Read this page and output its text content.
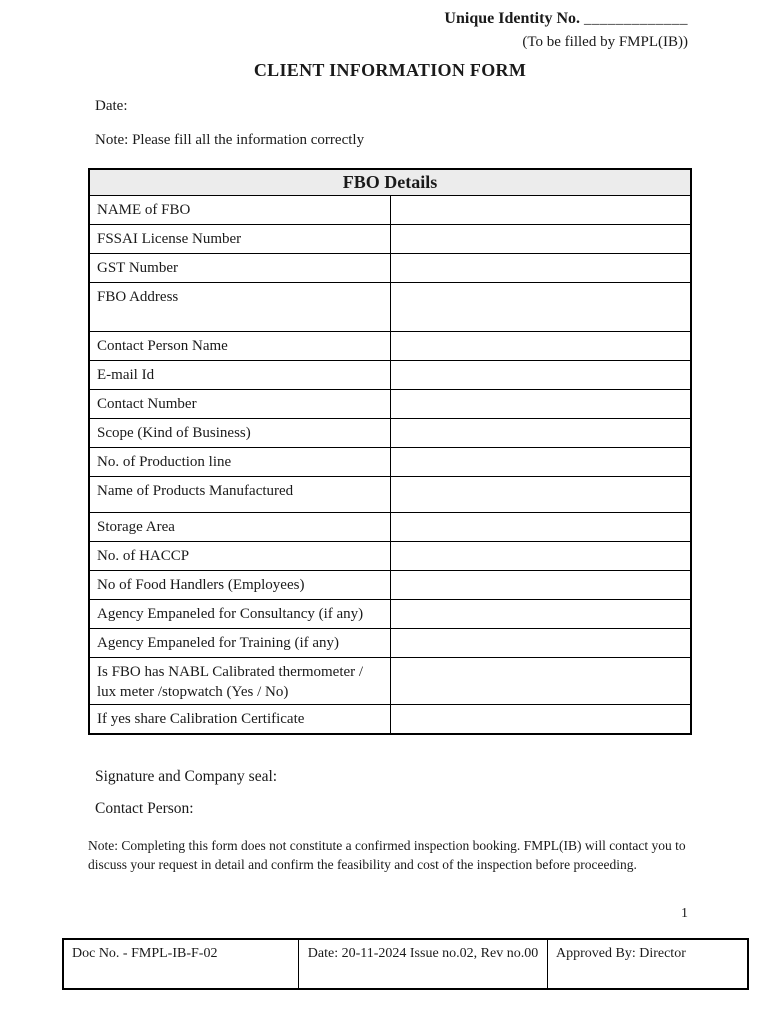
Unique Identity No. _____________
(To be filled by FMPL(IB))
CLIENT INFORMATION FORM
Date:
Note: Please fill all the information correctly
FBO Details	
NAME of FBO	
FSSAI License Number	
GST Number	
FBO Address	
Contact Person Name	
E-mail Id	
Contact Number	
Scope (Kind of Business)	
No. of Production line	
Name of Products Manufactured	
Storage Area	
No. of HACCP	
No of Food Handlers (Employees)	
Agency Empaneled for Consultancy (if any)	
Agency Empaneled for Training (if any)	
Is FBO has NABL Calibrated thermometer / lux meter /stopwatch (Yes / No)	
If yes share Calibration Certificate	
Signature and Company seal:
Contact Person:
Note: Completing this form does not constitute a confirmed inspection booking. FMPL(IB) will contact you to discuss your request in detail and confirm the feasibility and cost of the inspection before proceeding.
1
Doc No. - FMPL-IB-F-02	Date: 20-11-2024 Issue no.02, Rev no.00	Approved By: Director
